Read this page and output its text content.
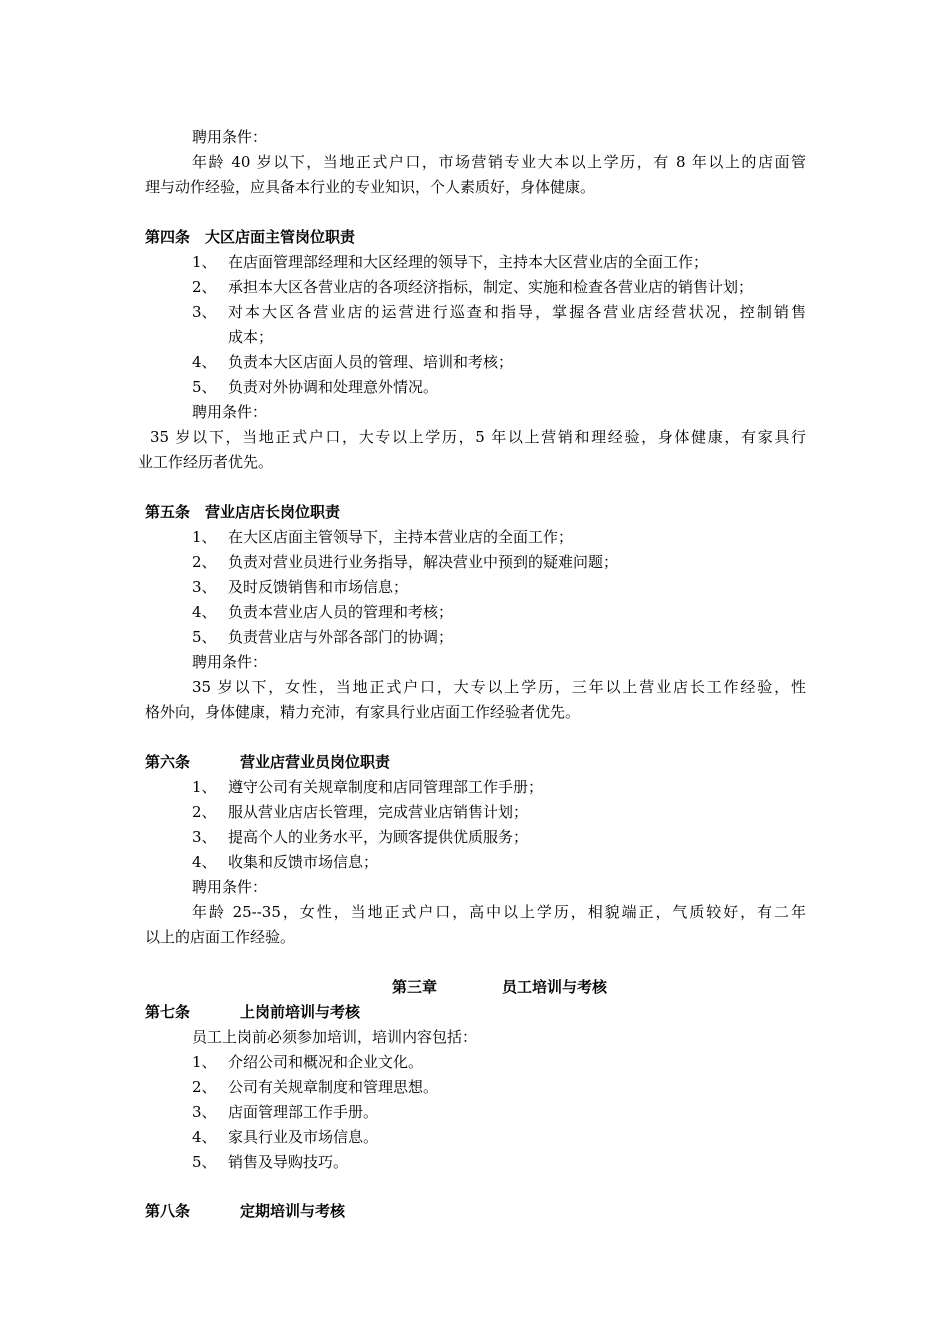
聘用条件：
年龄 40 岁以下，当地正式户口，市场营销专业大本以上学历，有 8 年以上的店面管
理与动作经验，应具备本行业的专业知识，个人素质好，身体健康。
第四条　大区店面主管岗位职责
1、 在店面管理部经理和大区经理的领导下，主持本大区营业店的全面工作；
2、 承担本大区各营业店的各项经济指标，制定、实施和检查各营业店的销售计划；
3、 对本大区各营业店的运营进行巡查和指导，掌握各营业店经营状况，控制销售
成本；
4、 负责本大区店面人员的管理、培训和考核；
5、 负责对外协调和处理意外情况。
聘用条件：
35 岁以下，当地正式户口，大专以上学历，5 年以上营销和理经验，身体健康，有家具行
业工作经历者优先。
第五条　营业店店长岗位职责
1、 在大区店面主管领导下，主持本营业店的全面工作；
2、 负责对营业员进行业务指导，解决营业中预到的疑难问题；
3、 及时反馈销售和市场信息；
4、 负责本营业店人员的管理和考核；
5、 负责营业店与外部各部门的协调；
聘用条件：
35 岁以下，女性，当地正式户口，大专以上学历，三年以上营业店长工作经验，性
格外向，身体健康，精力充沛，有家具行业店面工作经验者优先。
第六条	营业店营业员岗位职责
1、 遵守公司有关规章制度和店同管理部工作手册；
2、 服从营业店店长管理，完成营业店销售计划；
3、 提高个人的业务水平，为顾客提供优质服务；
4、 收集和反馈市场信息；
聘用条件：
年龄 25--35，女性，当地正式户口，高中以上学历，相貌端正，气质较好，有二年
以上的店面工作经验。
第三章	员工培训与考核
第七条	上岗前培训与考核
员工上岗前必须参加培训，培训内容包括：
1、 介绍公司和概况和企业文化。
2、 公司有关规章制度和管理思想。
3、 店面管理部工作手册。
4、 家具行业及市场信息。
5、 销售及导购技巧。
第八条	定期培训与考核
